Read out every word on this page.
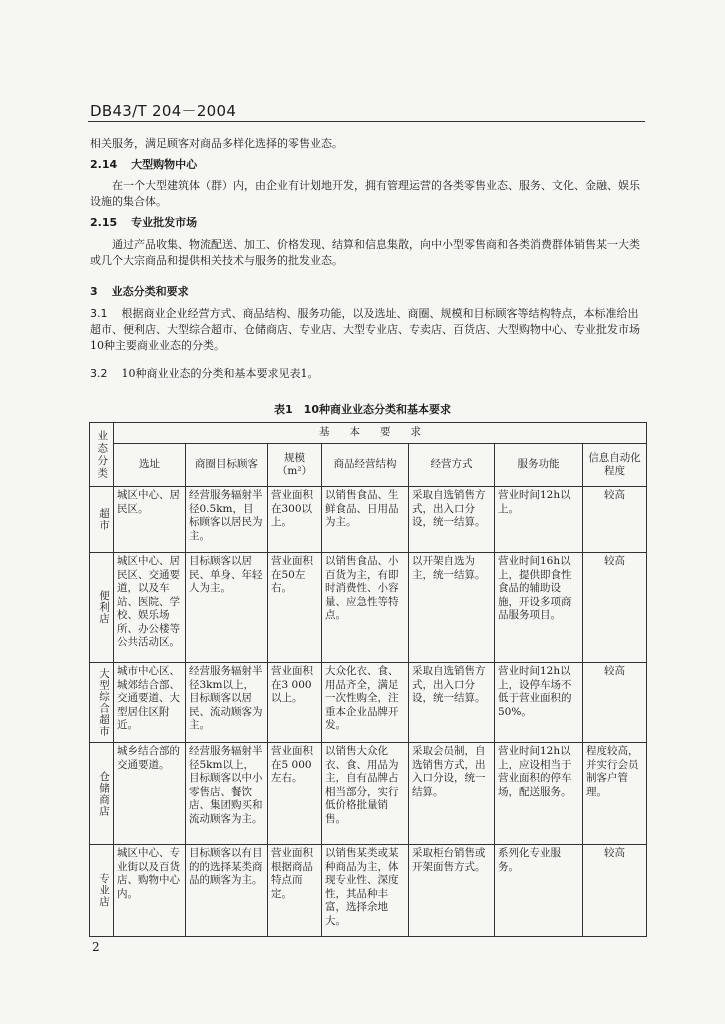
DB43/T 204－2004

相关服务，满足顾客对商品多样化选择的零售业态。

2.14 大型购物中心

在一个大型建筑体（群）内，由企业有计划地开发，拥有管理运营的各类零售业态、服务、文化、金融、娱乐设施的集合体。

2.15 专业批发市场

通过产品收集、物流配送、加工、价格发现、结算和信息集散，向中小型零售商和各类消费群体销售某一大类或几个大宗商品和提供相关技术与服务的批发业态。

3 业态分类和要求

3.1 根据商业企业经营方式、商品结构、服务功能，以及选址、商圈、规模和目标顾客等结构特点，本标准给出超市、便利店、大型综合超市、仓储商店、专业店、大型专业店、专卖店、百货店、大型购物中心、专业批发市场10种主要商业业态的分类。

3.2 10种商业业态的分类和基本要求见表1。

表1　10种商业业态分类和基本要求
业态分类	基本要求						
	选址	商圈目标顾客	规模（m²）	商品经营结构	经营方式	服务功能	信息自动化程度
超市	城区中心、居民区。	经营服务辐射半径0.5km，目标顾客以居民为主。	营业面积在300以上。	以销售食品、生鲜食品、日用品为主。	采取自选销售方式，出入口分设，统一结算。	营业时间12h以上。	较高
便利店	城区中心、居民区、交通要道，以及车站、医院、学校、娱乐场所、办公楼等公共活动区。	目标顾客以居民、单身、年轻人为主。	营业面积在50左右。	以销售食品、小百货为主，有即时消费性、小容量、应急性等特点。	以开架自选为主，统一结算。	营业时间16h以上，提供即食性食品的辅助设施，开设多项商品服务项目。	较高
大型综合超市	城市中心区、城郊结合部、交通要道、大型居住区附近。	经营服务辐射半径3km以上，目标顾客以居民、流动顾客为主。	营业面积在3 000以上。	大众化衣、食、用品齐全，满足一次性购全，注重本企业品牌开发。	采取自选销售方式，出入口分设，统一结算。	营业时间12h以上，设停车场不低于营业面积的50%。	较高
仓储商店	城乡结合部的交通要道。	经营服务辐射半径5km以上，目标顾客以中小零售店、餐饮店、集团购买和流动顾客为主。	营业面积在5 000左右。	以销售大众化衣、食、用品为主，自有品牌占相当部分，实行低价格批量销售。	采取会员制，自选销售方式，出入口分设，统一结算。	营业时间12h以上，应设相当于营业面积的停车场，配送服务。	程度较高，并实行会员制客户管理。
专业店	城区中心、专业街以及百货店、购物中心内。	目标顾客以有目的的选择某类商品的顾客为主。	营业面积根据商品特点而定。	以销售某类或某种商品为主，体现专业性、深度性，其品种丰富，选择余地大。	采取柜台销售或开架面售方式。	系列化专业服务。	较高
2
